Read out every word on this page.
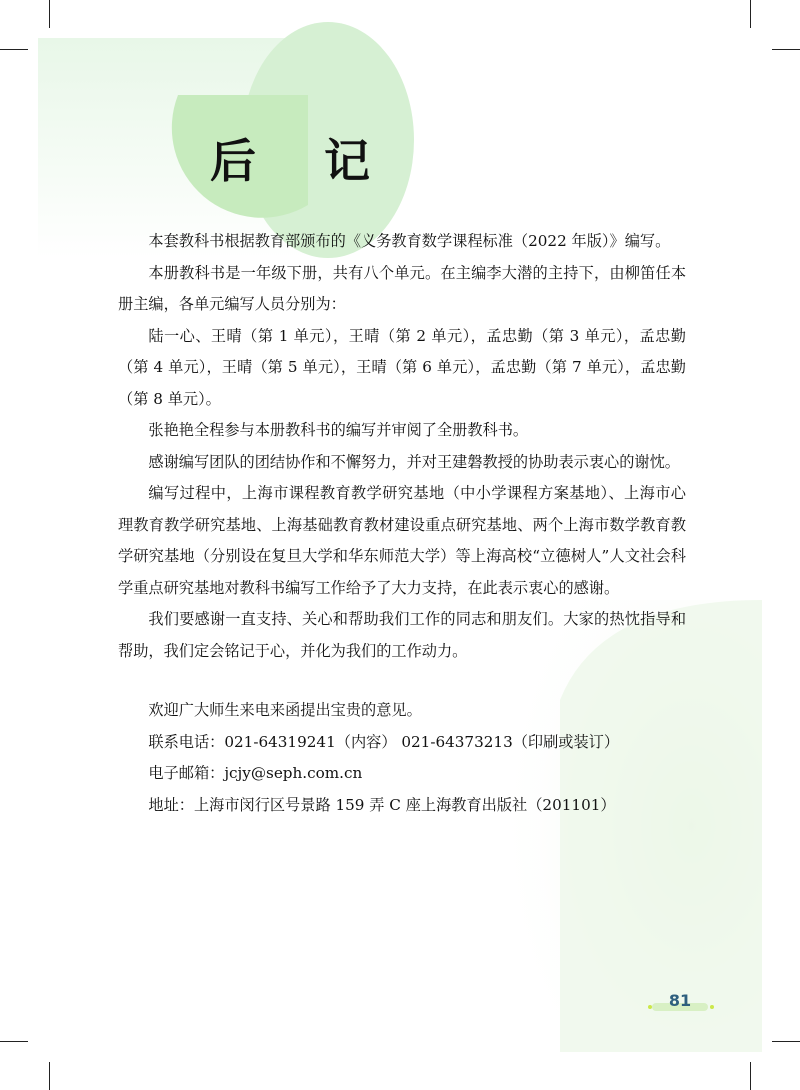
后 记

本套教科书根据教育部颁布的《义务教育数学课程标准（2022 年版）》编写。

本册教科书是一年级下册，共有八个单元。在主编李大潜的主持下，由柳笛任本册主编，各单元编写人员分别为：

陆一心、王晴（第 1 单元），王晴（第 2 单元），孟忠勤（第 3 单元），孟忠勤（第 4 单元），王晴（第 5 单元），王晴（第 6 单元），孟忠勤（第 7 单元），孟忠勤（第 8 单元）。

张艳艳全程参与本册教科书的编写并审阅了全册教科书。

感谢编写团队的团结协作和不懈努力，并对王建磐教授的协助表示衷心的谢忱。

编写过程中，上海市课程教育教学研究基地（中小学课程方案基地）、上海市心理教育教学研究基地、上海基础教育教材建设重点研究基地、两个上海市数学教育教学研究基地（分别设在复旦大学和华东师范大学）等上海高校“立德树人”人文社会科学重点研究基地对教科书编写工作给予了大力支持，在此表示衷心的感谢。

我们要感谢一直支持、关心和帮助我们工作的同志和朋友们。大家的热忱指导和帮助，我们定会铭记于心，并化为我们的工作动力。

欢迎广大师生来电来函提出宝贵的意见。

联系电话：021-64319241（内容） 021-64373213（印刷或装订）

电子邮箱：jcjy@seph.com.cn

地址：上海市闵行区号景路 159 弄 C 座上海教育出版社（201101）

81
